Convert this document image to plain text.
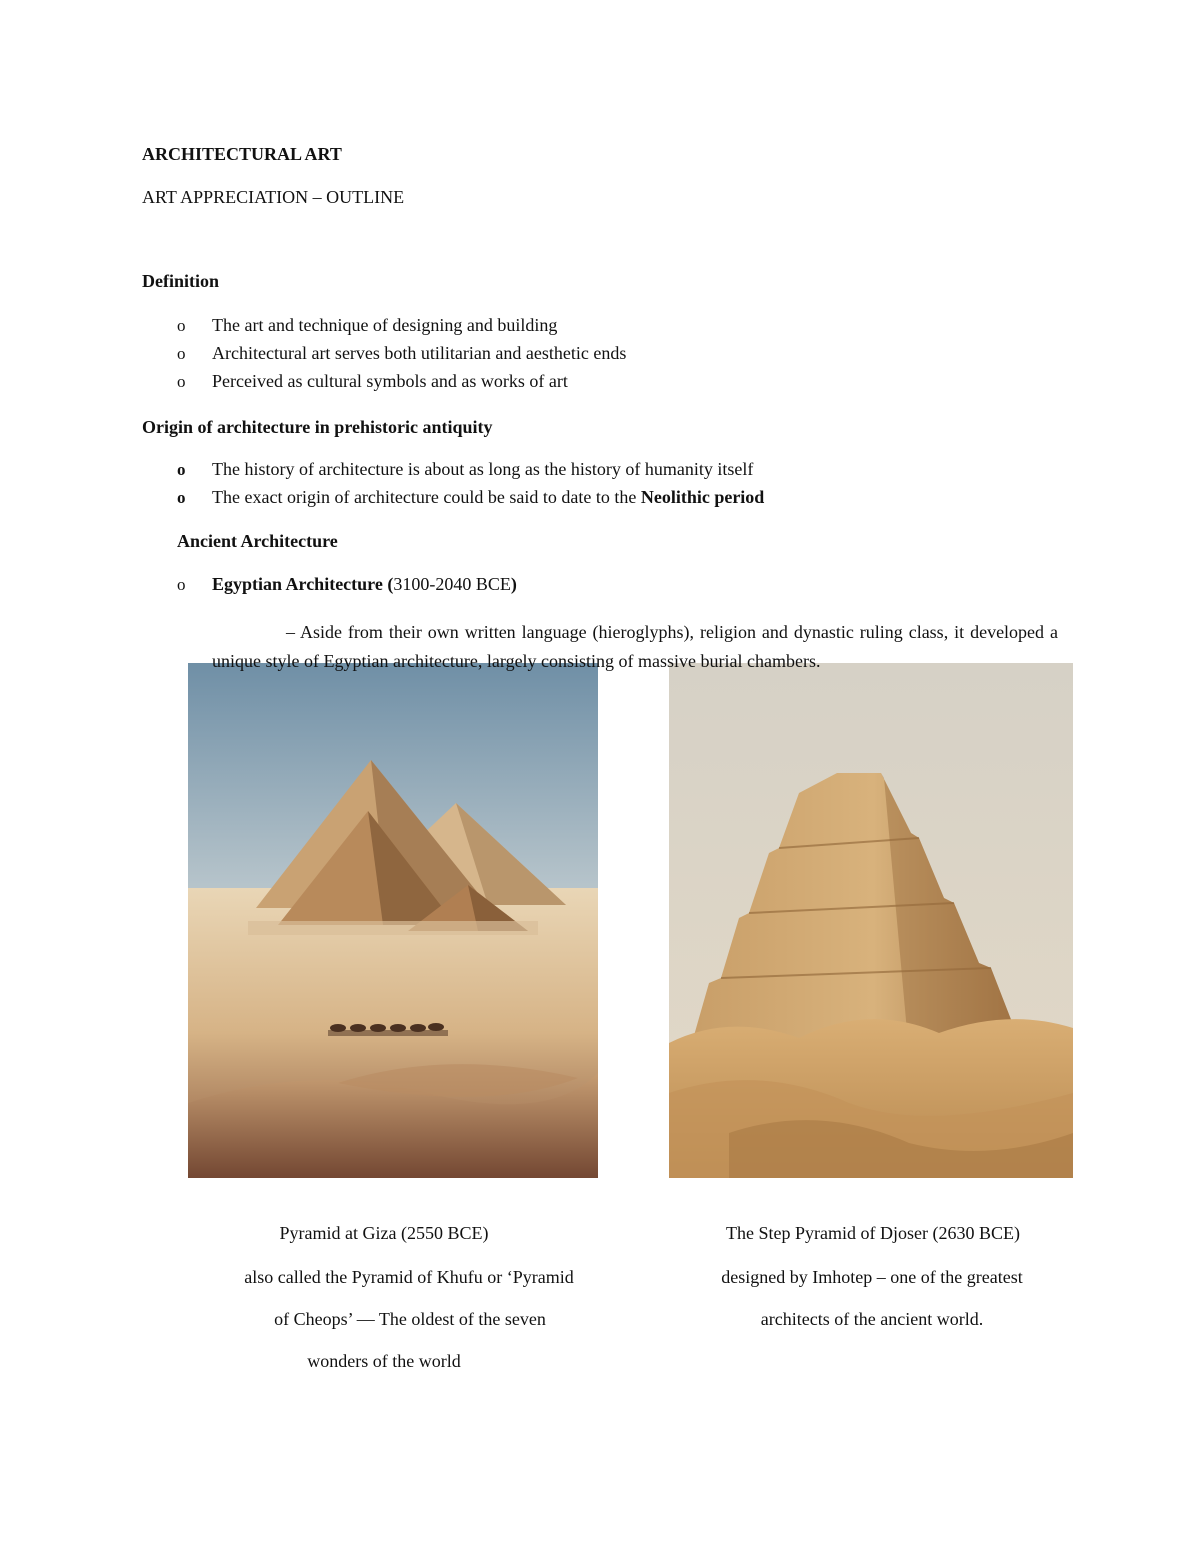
ARCHITECTURAL ART
ART APPRECIATION – OUTLINE
Definition
o The art and technique of designing and building
o Architectural art serves both utilitarian and aesthetic ends
o Perceived as cultural symbols and as works of art
Origin of architecture in prehistoric antiquity
o The history of architecture is about as long as the history of humanity itself
o The exact origin of architecture could be said to date to the Neolithic period
Ancient Architecture
o Egyptian Architecture (3100-2040 BCE)
– Aside from their own written language (hieroglyphs), religion and dynastic ruling class, it developed a unique style of Egyptian architecture, largely consisting of massive burial chambers.
Pyramid at Giza (2550 BCE)
also called the Pyramid of Khufu or ‘Pyramid
of Cheops’ — The oldest of the seven
wonders of the world
The Step Pyramid of Djoser (2630 BCE)
designed by Imhotep – one of the greatest
architects of the ancient world.
